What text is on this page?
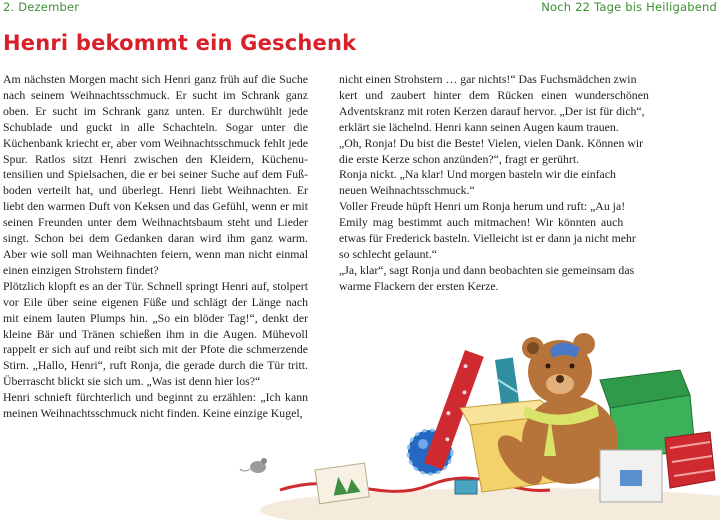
2. Dezember	Noch 22 Tage bis Heiligabend
Henri bekommt ein Geschenk

Am nächsten Morgen macht sich Henri ganz früh auf die Suche nach seinem Weihnachtsschmuck. Er sucht im Schrank ganz oben. Er sucht im Schrank ganz unten. Er durchwühlt jede Schublade und guckt in alle Schachteln. Sogar unter die Küchenbank kriecht er, aber vom Weihnachtsschmuck fehlt jede Spur. Ratlos sitzt Henri zwischen den Kleidern, Küchenutensilien und Spielsachen, die er bei seiner Suche auf dem Fußboden verteilt hat, und überlegt. Henri liebt Weihnachten. Er liebt den warmen Duft von Keksen und das Gefühl, wenn er mit seinen Freunden unter dem Weihnachtsbaum steht und Lieder singt. Schon bei dem Gedanken daran wird ihm ganz warm. Aber wie soll man Weihnachten feiern, wenn man nicht einmal einen einzigen Strohstern findet?

Plötzlich klopft es an der Tür. Schnell springt Henri auf, stolpert vor Eile über seine eigenen Füße und schlägt der Länge nach mit einem lauten Plumps hin. „So ein blöder Tag!“, denkt der kleine Bär und Tränen schießen ihm in die Augen. Mühevoll rappelt er sich auf und reibt sich mit der Pfote die schmerzende Stirn. „Hallo, Henri“, ruft Ronja, die gerade durch die Tür tritt. Überrascht blickt sie sich um. „Was ist denn hier los?“

Henri schnieft fürchterlich und beginnt zu erzählen: „Ich kann meinen Weihnachtsschmuck nicht finden. Keine einzige Kugel,

nicht einen Strohstern … gar nichts!“ Das Fuchsmädchen zwin
kert und zaubert hinter dem Rücken einen wunderschönen
Adventskranz mit roten Kerzen darauf hervor. „Der ist für dich“,
erklärt sie lächelnd. Henri kann seinen Augen kaum trauen.
„Oh, Ronja! Du bist die Beste! Vielen, vielen Dank. Können wir
die erste Kerze schon anzünden?“, fragt er gerührt.
Ronja nickt. „Na klar! Und morgen basteln wir die einfach
neuen Weihnachtsschmuck.“
Voller Freude hüpft Henri um Ronja herum und ruft: „Au ja!
Emily mag bestimmt auch mitmachen! Wir könnten auch
etwas für Frederick basteln. Vielleicht ist er dann ja nicht mehr
so schlecht gelaunt.“
„Ja, klar“, sagt Ronja und dann beobachten sie gemeinsam das
warme Flackern der ersten Kerze.
